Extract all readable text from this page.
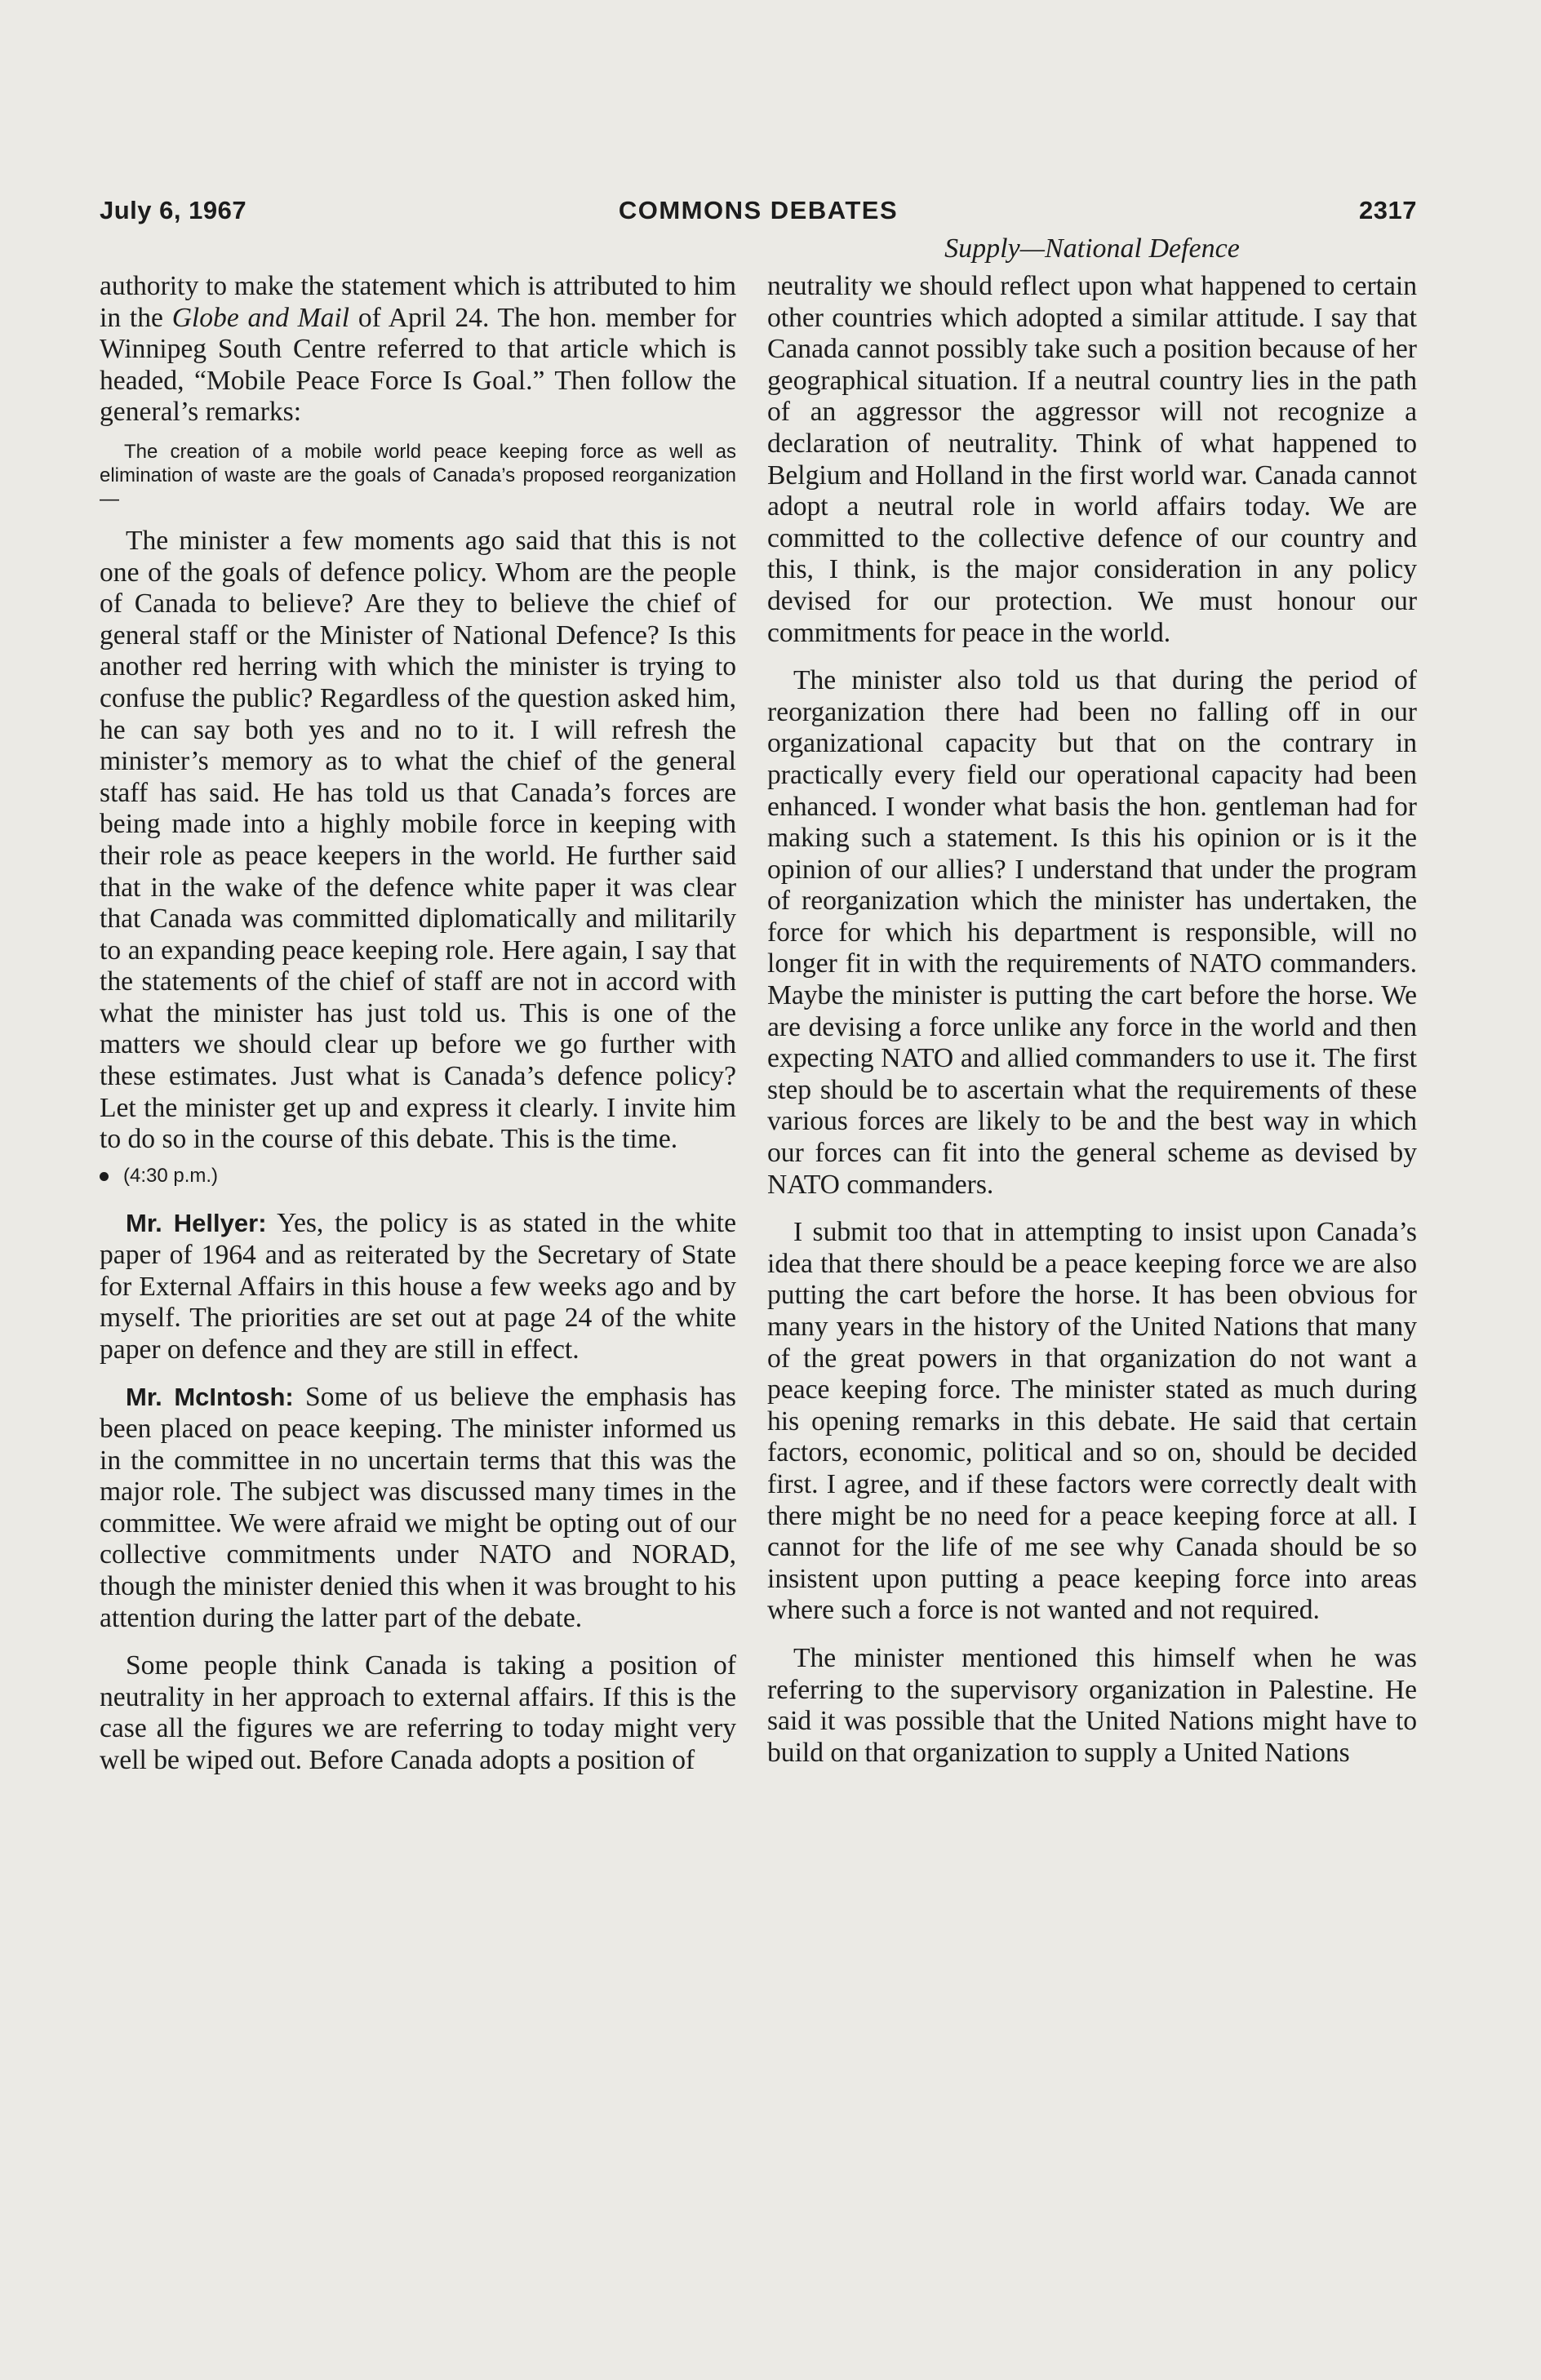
July 6, 1967	COMMONS DEBATES	2317
Supply—National Defence

authority to make the statement which is attributed to him in the Globe and Mail of April 24. The hon. member for Winnipeg South Centre referred to that article which is headed, “Mobile Peace Force Is Goal.” Then follow the general’s remarks:

The creation of a mobile world peace keeping force as well as elimination of waste are the goals of Canada’s proposed reorganization—

The minister a few moments ago said that this is not one of the goals of defence policy. Whom are the people of Canada to believe? Are they to believe the chief of general staff or the Minister of National Defence? Is this another red herring with which the minister is trying to confuse the public? Regardless of the question asked him, he can say both yes and no to it. I will refresh the minister’s memory as to what the chief of the general staff has said. He has told us that Canada’s forces are being made into a highly mobile force in keeping with their role as peace keepers in the world. He further said that in the wake of the defence white paper it was clear that Canada was committed diplomatically and militarily to an expanding peace keeping role. Here again, I say that the statements of the chief of staff are not in accord with what the minister has just told us. This is one of the matters we should clear up before we go further with these estimates. Just what is Canada’s defence policy? Let the minister get up and express it clearly. I invite him to do so in the course of this debate. This is the time.

(4:30 p.m.)

Mr. Hellyer: Yes, the policy is as stated in the white paper of 1964 and as reiterated by the Secretary of State for External Affairs in this house a few weeks ago and by myself. The priorities are set out at page 24 of the white paper on defence and they are still in effect.

Mr. McIntosh: Some of us believe the emphasis has been placed on peace keeping. The minister informed us in the committee in no uncertain terms that this was the major role. The subject was discussed many times in the committee. We were afraid we might be opting out of our collective commitments under NATO and NORAD, though the minister denied this when it was brought to his attention during the latter part of the debate.

Some people think Canada is taking a position of neutrality in her approach to external affairs. If this is the case all the figures we are referring to today might very well be wiped out. Before Canada adopts a position of

neutrality we should reflect upon what happened to certain other countries which adopted a similar attitude. I say that Canada cannot possibly take such a position because of her geographical situation. If a neutral country lies in the path of an aggressor the aggressor will not recognize a declaration of neutrality. Think of what happened to Belgium and Holland in the first world war. Canada cannot adopt a neutral role in world affairs today. We are committed to the collective defence of our country and this, I think, is the major consideration in any policy devised for our protection. We must honour our commitments for peace in the world.

The minister also told us that during the period of reorganization there had been no falling off in our organizational capacity but that on the contrary in practically every field our operational capacity had been enhanced. I wonder what basis the hon. gentleman had for making such a statement. Is this his opinion or is it the opinion of our allies? I understand that under the program of reorganization which the minister has undertaken, the force for which his department is responsible, will no longer fit in with the requirements of NATO commanders. Maybe the minister is putting the cart before the horse. We are devising a force unlike any force in the world and then expecting NATO and allied commanders to use it. The first step should be to ascertain what the requirements of these various forces are likely to be and the best way in which our forces can fit into the general scheme as devised by NATO commanders.

I submit too that in attempting to insist upon Canada’s idea that there should be a peace keeping force we are also putting the cart before the horse. It has been obvious for many years in the history of the United Nations that many of the great powers in that organization do not want a peace keeping force. The minister stated as much during his opening remarks in this debate. He said that certain factors, economic, political and so on, should be decided first. I agree, and if these factors were correctly dealt with there might be no need for a peace keeping force at all. I cannot for the life of me see why Canada should be so insistent upon putting a peace keeping force into areas where such a force is not wanted and not required.

The minister mentioned this himself when he was referring to the supervisory organization in Palestine. He said it was possible that the United Nations might have to build on that organization to supply a United Nations
